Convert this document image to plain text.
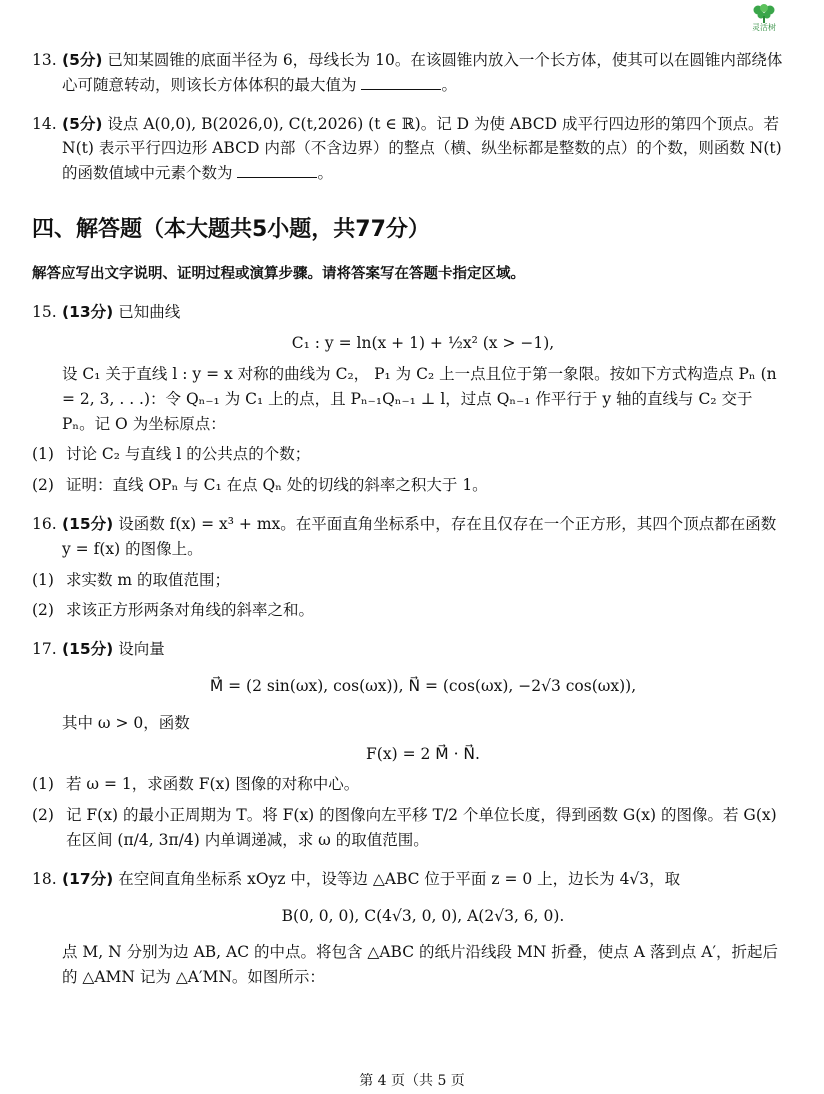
灵活树
13. (5分) 已知某圆锥的底面半径为 6，母线长为 10。在该圆锥内放入一个长方体，使其可以在圆锥内部绕体心可随意转动，则该长方体体积的最大值为	。
14. (5分) 设点 A(0,0), B(2026,0), C(t,2026) (t ∈ ℝ)。记 D 为使 ABCD 成平行四边形的第四个顶点。若 N(t) 表示平行四边形 ABCD 内部（不含边界）的整点（横、纵坐标都是整数的点）的个数，则函数 N(t) 的函数值域中元素个数为	。
四、解答题（本大题共5小题，共77分）
解答应写出文字说明、证明过程或演算步骤。请将答案写在答题卡指定区域。
15. (13分) 已知曲线
C₁ : y = ln(x + 1) + ½x² (x > −1),
设 C₁ 关于直线 l : y = x 对称的曲线为 C₂， P₁ 为 C₂ 上一点且位于第一象限。按如下方式构造点 Pₙ (n = 2, 3, . . .)：令 Qₙ₋₁ 为 C₁ 上的点，且 Pₙ₋₁Qₙ₋₁ ⊥ l，过点 Qₙ₋₁ 作平行于 y 轴的直线与 C₂ 交于 Pₙ。记 O 为坐标原点：
(1) 讨论 C₂ 与直线 l 的公共点的个数；
(2) 证明：直线 OPₙ 与 C₁ 在点 Qₙ 处的切线的斜率之积大于 1。
16. (15分) 设函数 f(x) = x³ + mx。在平面直角坐标系中，存在且仅存在一个正方形，其四个顶点都在函数 y = f(x) 的图像上。
(1) 求实数 m 的取值范围；
(2) 求该正方形两条对角线的斜率之和。
17. (15分) 设向量
M⃗ = (2 sin(ωx), cos(ωx)), N⃗ = (cos(ωx), −2√3 cos(ωx)),
其中 ω > 0，函数
F(x) = 2 M⃗ · N⃗.
(1) 若 ω = 1，求函数 F(x) 图像的对称中心。
(2) 记 F(x) 的最小正周期为 T。将 F(x) 的图像向左平移 T/2 个单位长度，得到函数 G(x) 的图像。若 G(x) 在区间 (π/4, 3π/4) 内单调递减，求 ω 的取值范围。
18. (17分) 在空间直角坐标系 xOyz 中，设等边 △ABC 位于平面 z = 0 上，边长为 4√3，取
B(0, 0, 0), C(4√3, 0, 0), A(2√3, 6, 0).
点 M, N 分别为边 AB, AC 的中点。将包含 △ABC 的纸片沿线段 MN 折叠，使点 A 落到点 A′，折起后的 △AMN 记为 △A′MN。如图所示：
第 4 页（共 5 页
